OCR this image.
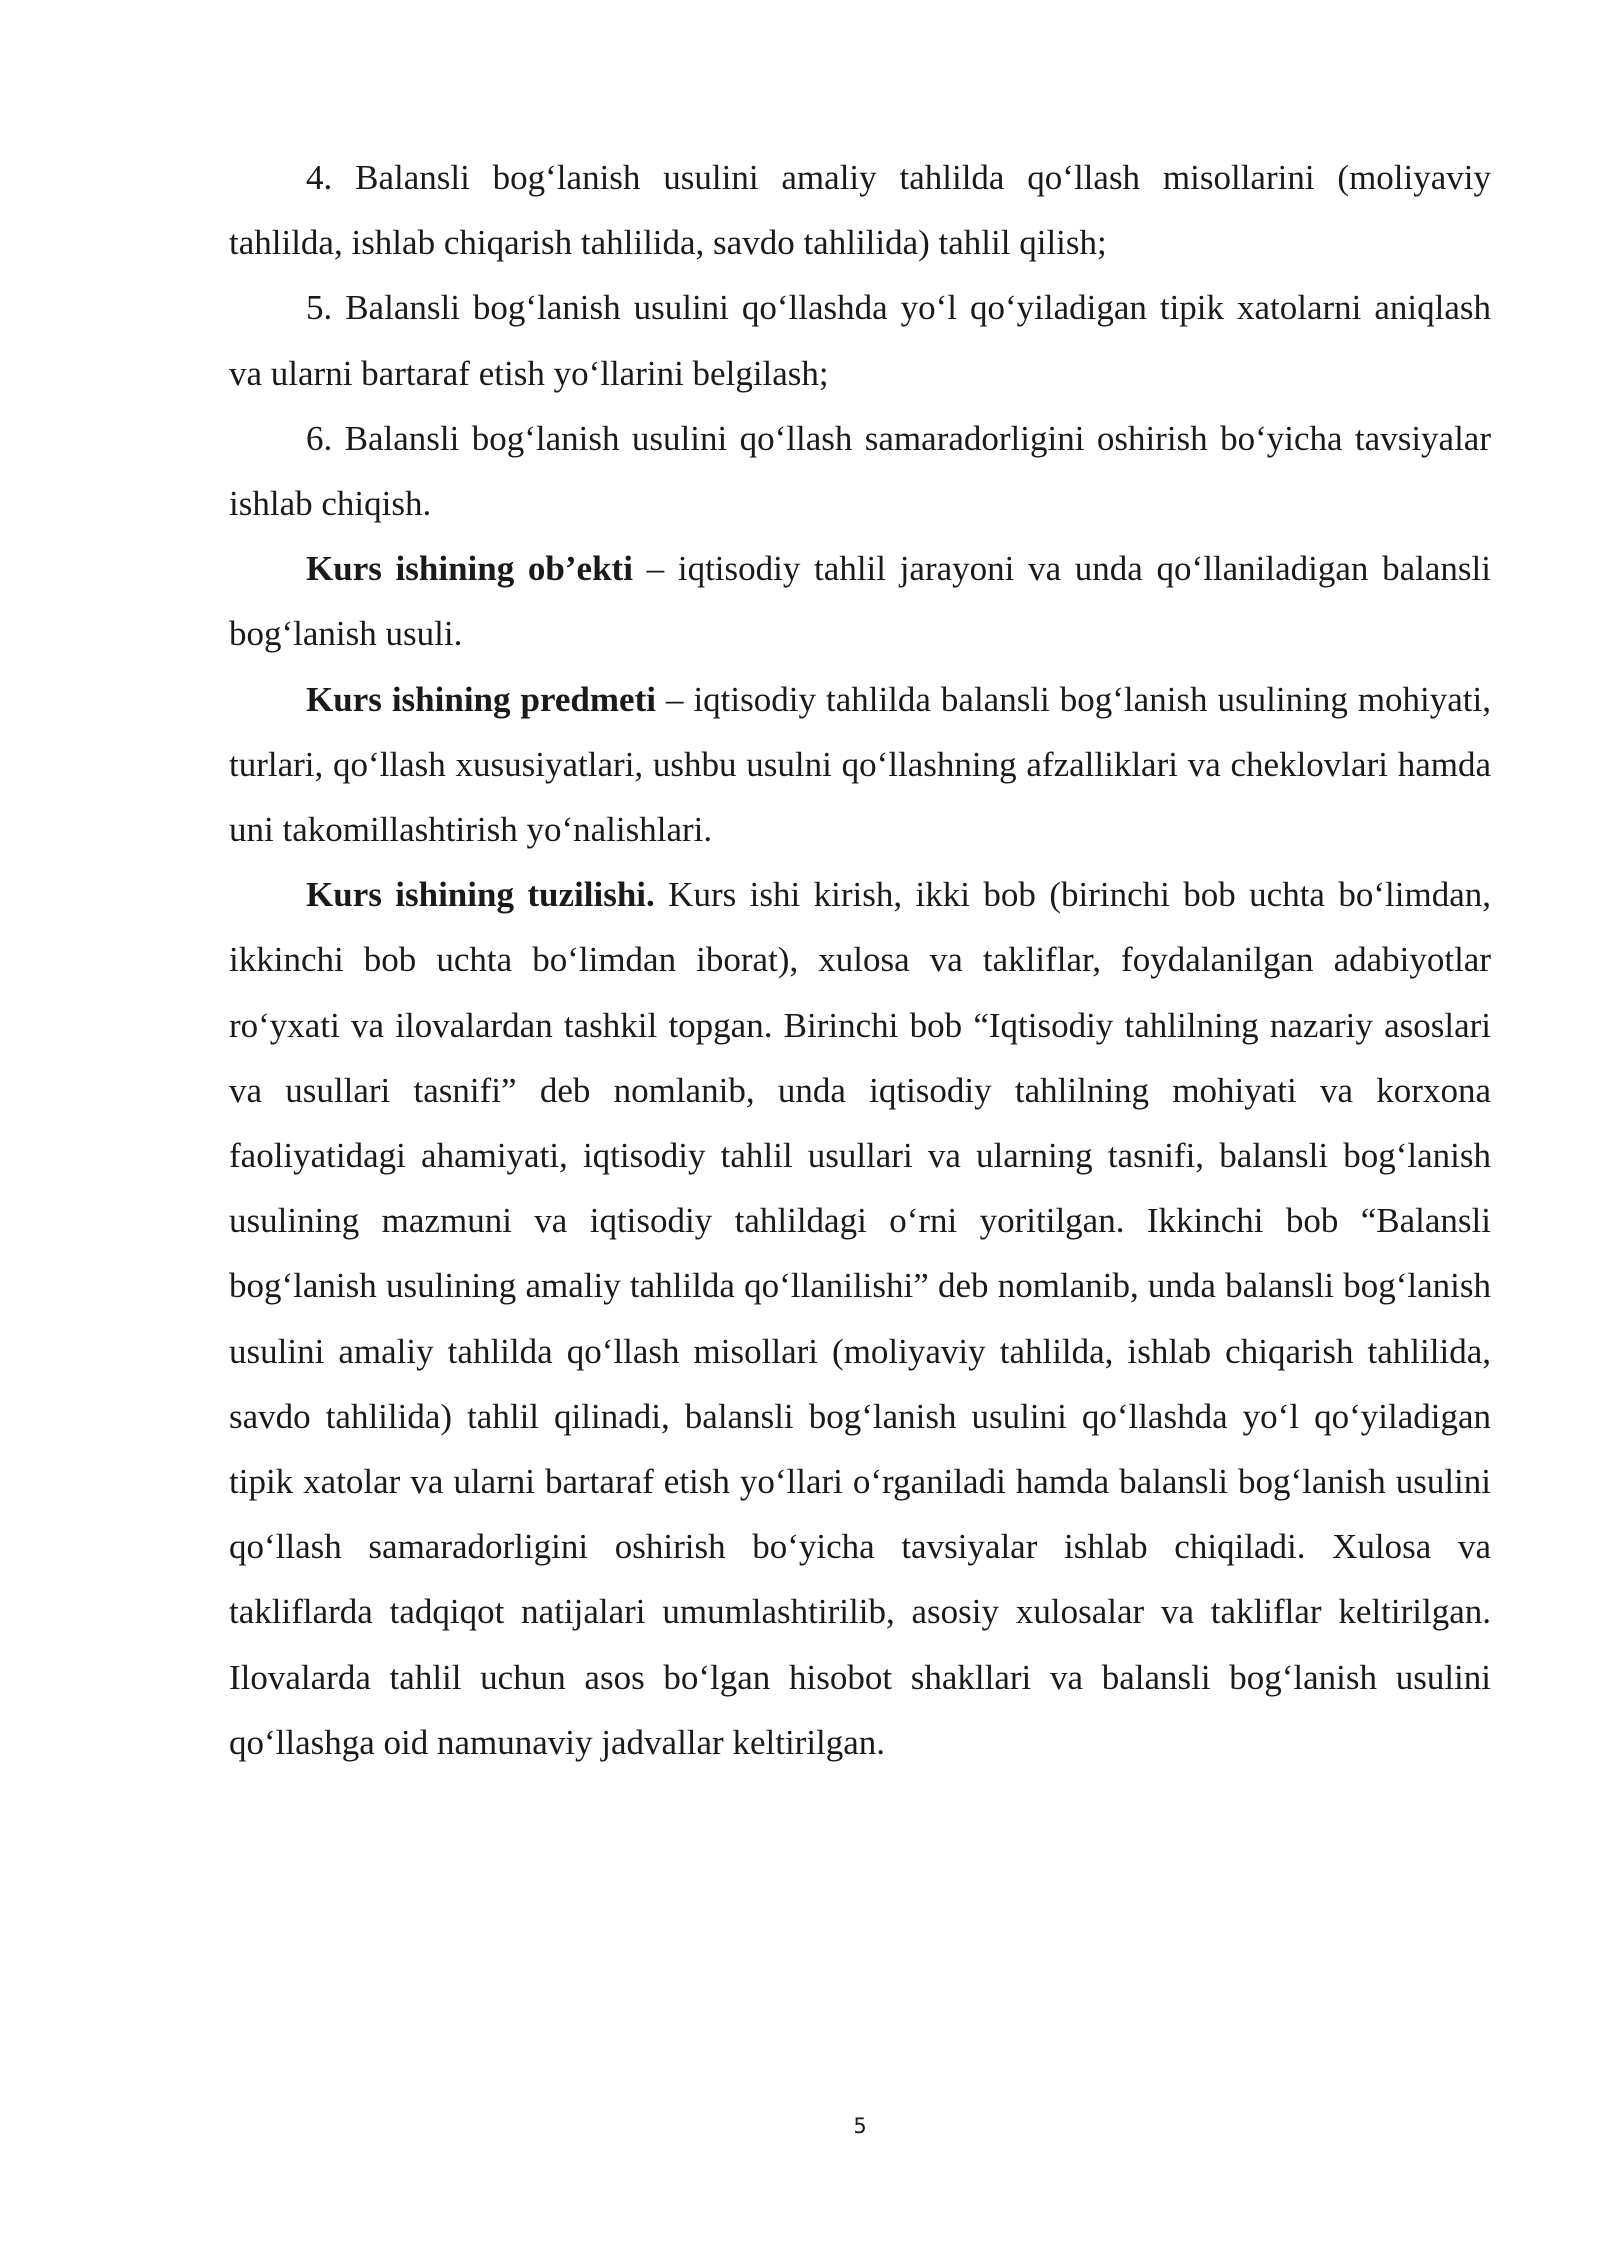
4. Balansli bog‘lanish usulini amaliy tahlilda qo‘llash misollarini (moliyaviy tahlilda, ishlab chiqarish tahlilida, savdo tahlilida) tahlil qilish;

5. Balansli bog‘lanish usulini qo‘llashda yo‘l qo‘yiladigan tipik xatolarni aniqlash va ularni bartaraf etish yo‘llarini belgilash;

6. Balansli bog‘lanish usulini qo‘llash samaradorligini oshirish bo‘yicha tavsiyalar ishlab chiqish.

Kurs ishining ob’ekti – iqtisodiy tahlil jarayoni va unda qo‘llaniladigan balansli bog‘lanish usuli.

Kurs ishining predmeti – iqtisodiy tahlilda balansli bog‘lanish usulining mohiyati, turlari, qo‘llash xususiyatlari, ushbu usulni qo‘llashning afzalliklari va cheklovlari hamda uni takomillashtirish yo‘nalishlari.

Kurs ishining tuzilishi. Kurs ishi kirish, ikki bob (birinchi bob uchta bo‘limdan, ikkinchi bob uchta bo‘limdan iborat), xulosa va takliflar, foydalanilgan adabiyotlar ro‘yxati va ilovalardan tashkil topgan. Birinchi bob “Iqtisodiy tahlilning nazariy asoslari va usullari tasnifi” deb nomlanib, unda iqtisodiy tahlilning mohiyati va korxona faoliyatidagi ahamiyati, iqtisodiy tahlil usullari va ularning tasnifi, balansli bog‘lanish usulining mazmuni va iqtisodiy tahlildagi o‘rni yoritilgan. Ikkinchi bob “Balansli bog‘lanish usulining amaliy tahlilda qo‘llanilishi” deb nomlanib, unda balansli bog‘lanish usulini amaliy tahlilda qo‘llash misollari (moliyaviy tahlilda, ishlab chiqarish tahlilida, savdo tahlilida) tahlil qilinadi, balansli bog‘lanish usulini qo‘llashda yo‘l qo‘yiladigan tipik xatolar va ularni bartaraf etish yo‘llari o‘rganiladi hamda balansli bog‘lanish usulini qo‘llash samaradorligini oshirish bo‘yicha tavsiyalar ishlab chiqiladi. Xulosa va takliflarda tadqiqot natijalari umumlashtirilib, asosiy xulosalar va takliflar keltirilgan. Ilovalarda tahlil uchun asos bo‘lgan hisobot shakllari va balansli bog‘lanish usulini qo‘llashga oid namunaviy jadvallar keltirilgan.

5
